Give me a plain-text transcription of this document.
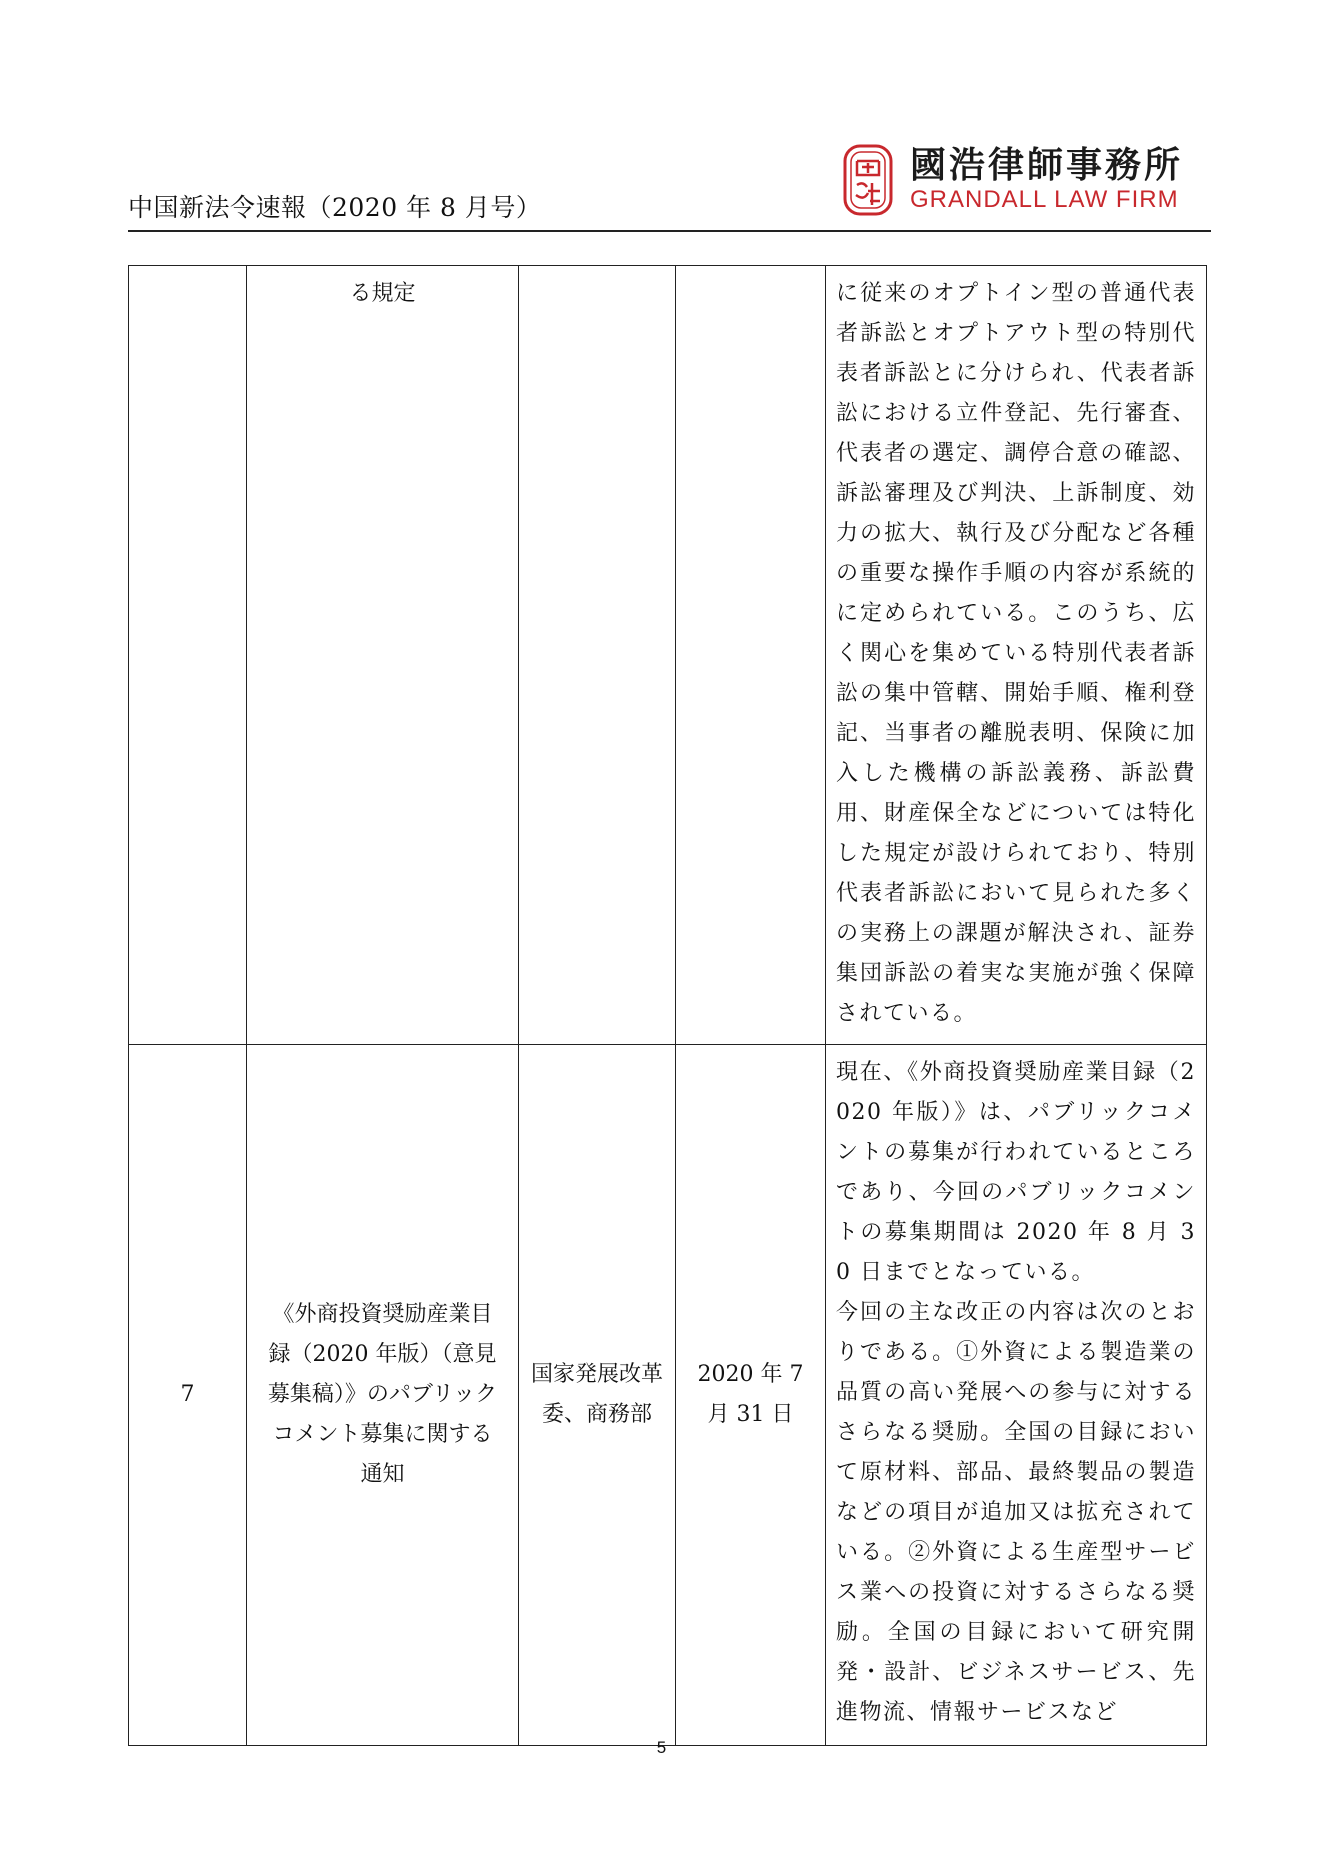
中国新法令速報（2020 年 8 月号）
國浩律師事務所
GRANDALL LAW FIRM

	る規定			に従来のオプトイン型の普通代表者訴訟とオプトアウト型の特別代表者訴訟とに分けられ、代表者訴訟における立件登記、先行審査、代表者の選定、調停合意の確認、訴訟審理及び判決、上訴制度、効力の拡大、執行及び分配など各種の重要な操作手順の内容が系統的に定められている。このうち、広く関心を集めている特別代表者訴訟の集中管轄、開始手順、権利登記、当事者の離脱表明、保険に加入した機構の訴訟義務、訴訟費用、財産保全などについては特化した規定が設けられており、特別代表者訴訟において見られた多くの実務上の課題が解決され、証券集団訴訟の着実な実施が強く保障されている。

7	《外商投資奨励産業目録（2020 年版）（意見募集稿）》のパブリックコメント募集に関する通知	国家発展改革委、商務部	2020 年 7 月 31 日	現在、《外商投資奨励産業目録（2020 年版）》は、パブリックコメントの募集が行われているところであり、今回のパブリックコメントの募集期間は 2020 年 8 月 30 日までとなっている。
今回の主な改正の内容は次のとおりである。①外資による製造業の品質の高い発展への参与に対するさらなる奨励。全国の目録において原材料、部品、最終製品の製造などの項目が追加又は拡充されている。②外資による生産型サービス業への投資に対するさらなる奨励。全国の目録において研究開発・設計、ビジネスサービス、先進物流、情報サービスなど
5
